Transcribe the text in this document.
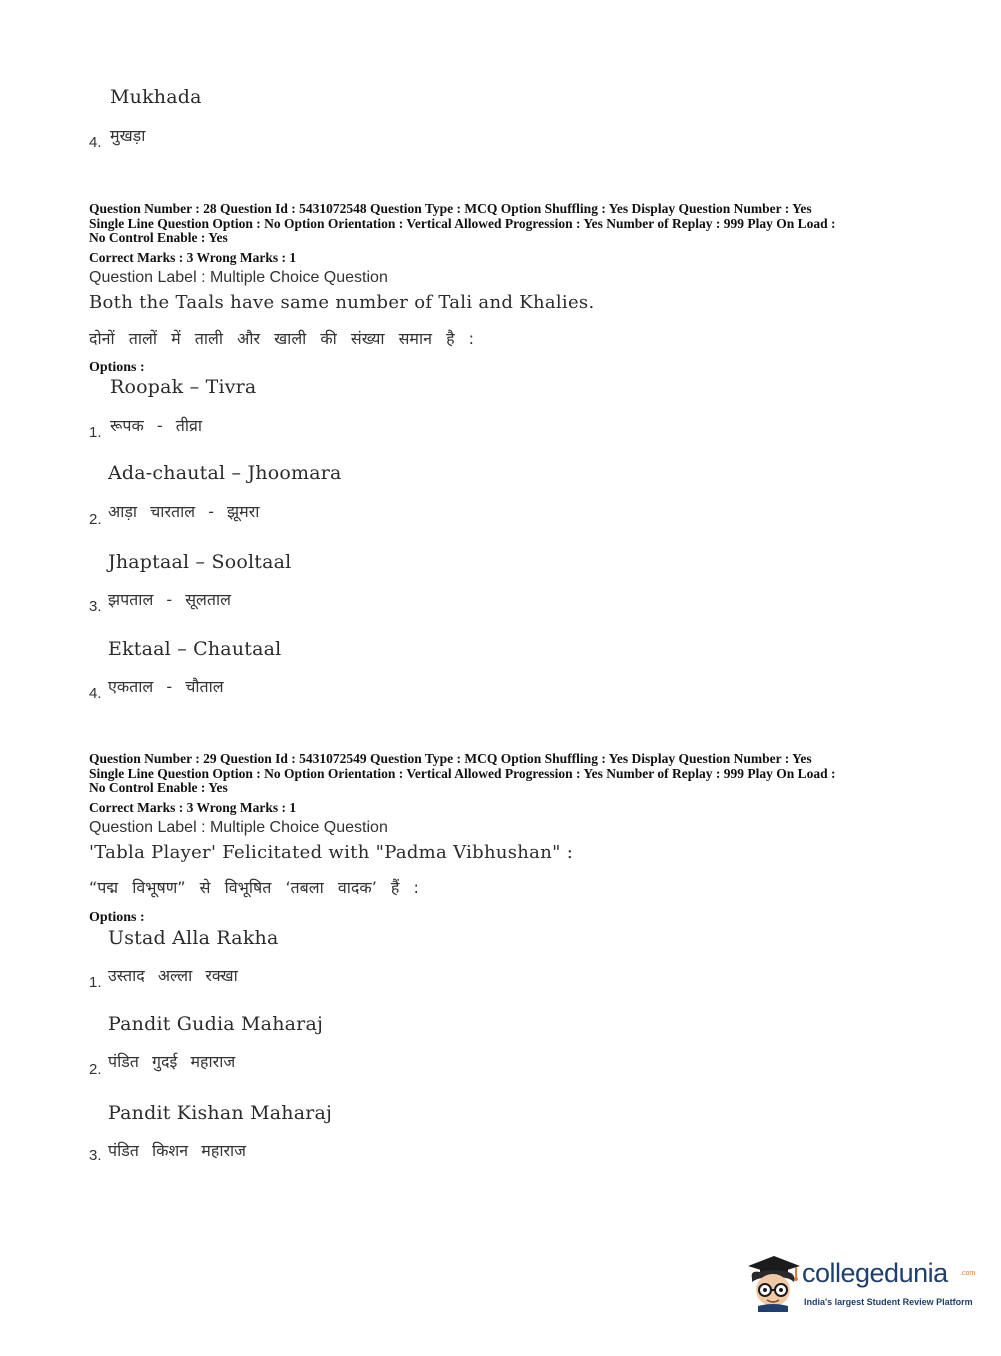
Mukhada
4. मुखड़ा
Question Number : 28 Question Id : 5431072548 Question Type : MCQ Option Shuffling : Yes Display Question Number : Yes
Single Line Question Option : No Option Orientation : Vertical Allowed Progression : Yes Number of Replay : 999 Play On Load :
No Control Enable : Yes
Correct Marks : 3 Wrong Marks : 1
Question Label : Multiple Choice Question
Both the Taals have same number of Tali and Khalies.
दोनों तालों में ताली और खाली की संख्या समान है :
Options :
Roopak – Tivra
1. रूपक - तीव्रा
Ada-chautal – Jhoomara
2. आड़ा चारताल - झूमरा
Jhaptaal – Sooltaal
3. झपताल - सूलताल
Ektaal – Chautaal
4. एकताल - चौताल
Question Number : 29 Question Id : 5431072549 Question Type : MCQ Option Shuffling : Yes Display Question Number : Yes
Single Line Question Option : No Option Orientation : Vertical Allowed Progression : Yes Number of Replay : 999 Play On Load :
No Control Enable : Yes
Correct Marks : 3 Wrong Marks : 1
Question Label : Multiple Choice Question
'Tabla Player' Felicitated with "Padma Vibhushan" :
“पद्म विभूषण” से विभूषित ‘तबला वादक’ हैं :
Options :
Ustad Alla Rakha
1. उस्ताद अल्ला रक्खा
Pandit Gudia Maharaj
2. पंडित गुदई महाराज
Pandit Kishan Maharaj
3. पंडित किशन महाराज
collegedunia .com
India's largest Student Review Platform
